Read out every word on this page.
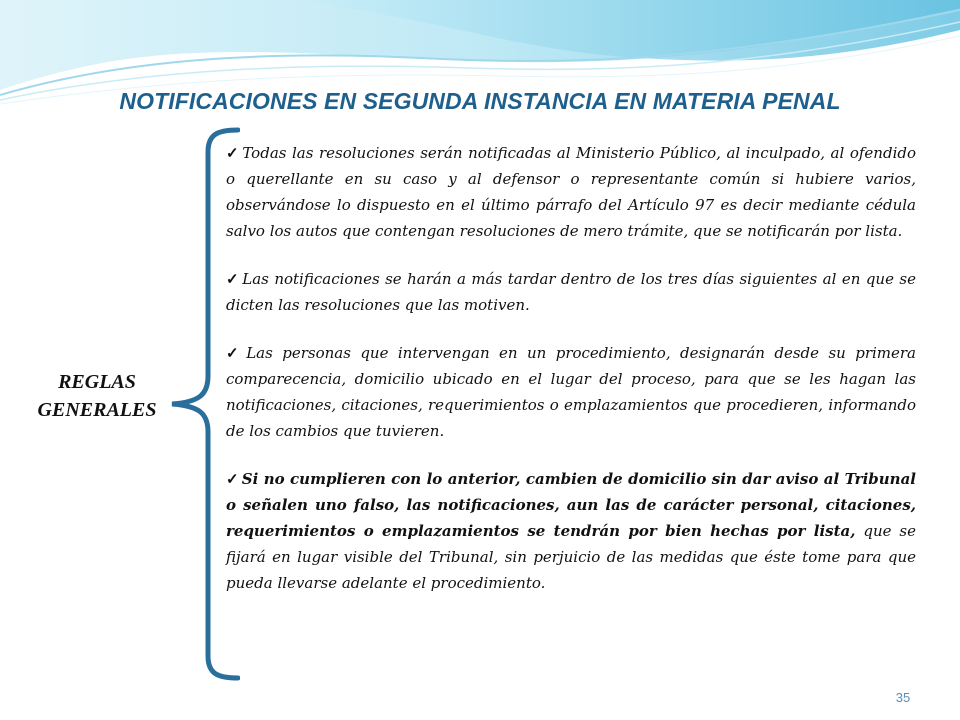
NOTIFICACIONES EN SEGUNDA INSTANCIA EN MATERIA PENAL
REGLAS
GENERALES

✓ Todas las resoluciones serán notificadas al Ministerio Público, al inculpado, al ofendido o querellante en su caso y al defensor o representante común si hubiere varios, observándose lo dispuesto en el último párrafo del Artículo 97 es decir mediante cédula salvo los autos que contengan resoluciones de mero trámite, que se notificarán por lista.

✓ Las notificaciones se harán a más tardar dentro de los tres días siguientes al en que se dicten las resoluciones que las motiven.

✓ Las personas que intervengan en un procedimiento, designarán desde su primera comparecencia, domicilio ubicado en el lugar del proceso, para que se les hagan las notificaciones, citaciones, requerimientos o emplazamientos que procedieren, informando de los cambios que tuvieren.

✓ Si no cumplieren con lo anterior, cambien de domicilio sin dar aviso al Tribunal o señalen uno falso, las notificaciones, aun las de carácter personal, citaciones, requerimientos o emplazamientos se tendrán por bien hechas por lista, que se fijará en lugar visible del Tribunal, sin perjuicio de las medidas que éste tome para que pueda llevarse adelante el procedimiento.

35
